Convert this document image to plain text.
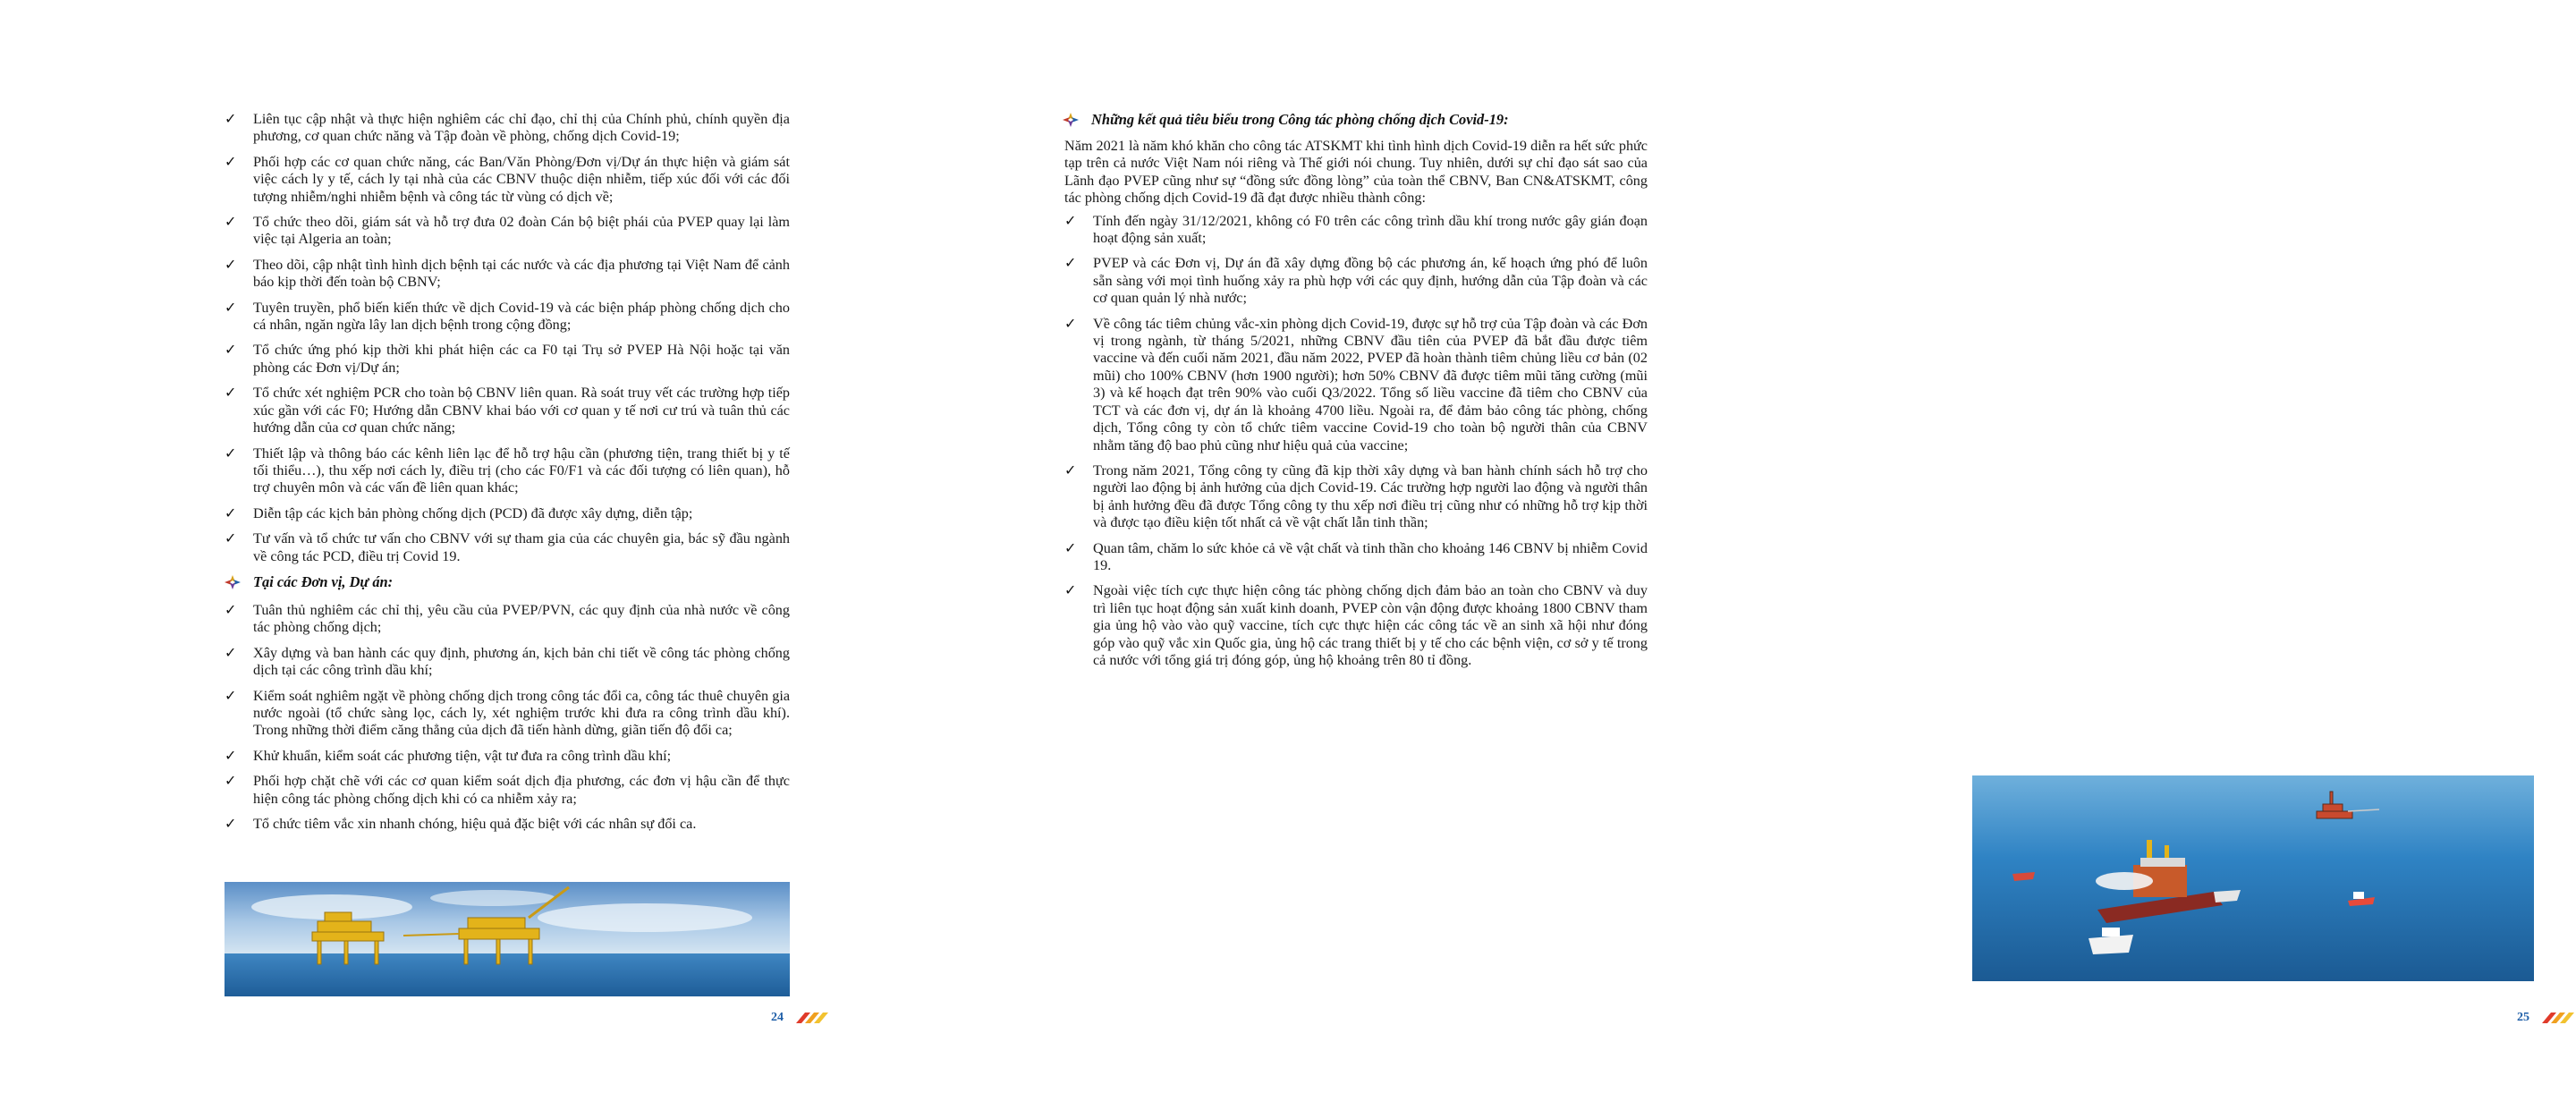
✓ Liên tục cập nhật và thực hiện nghiêm các chỉ đạo, chỉ thị của Chính phủ, chính quyền địa phương, cơ quan chức năng và Tập đoàn về phòng, chống dịch Covid-19;
✓ Phối hợp các cơ quan chức năng, các Ban/Văn Phòng/Đơn vị/Dự án thực hiện và giám sát việc cách ly y tế, cách ly tại nhà của các CBNV thuộc diện nhiễm, tiếp xúc đối với các đối tượng nhiễm/nghi nhiễm bệnh và công tác từ vùng có dịch về;
✓ Tổ chức theo dõi, giám sát và hỗ trợ đưa 02 đoàn Cán bộ biệt phái của PVEP quay lại làm việc tại Algeria an toàn;
✓ Theo dõi, cập nhật tình hình dịch bệnh tại các nước và các địa phương tại Việt Nam để cảnh báo kịp thời đến toàn bộ CBNV;
✓ Tuyên truyền, phổ biến kiến thức về dịch Covid-19 và các biện pháp phòng chống dịch cho cá nhân, ngăn ngừa lây lan dịch bệnh trong cộng đồng;
✓ Tổ chức ứng phó kịp thời khi phát hiện các ca F0 tại Trụ sở PVEP Hà Nội hoặc tại văn phòng các Đơn vị/Dự án;
✓ Tổ chức xét nghiệm PCR cho toàn bộ CBNV liên quan. Rà soát truy vết các trường hợp tiếp xúc gần với các F0; Hướng dẫn CBNV khai báo với cơ quan y tế nơi cư trú và tuân thủ các hướng dẫn của cơ quan chức năng;
✓ Thiết lập và thông báo các kênh liên lạc để hỗ trợ hậu cần (phương tiện, trang thiết bị y tế tối thiểu…), thu xếp nơi cách ly, điều trị (cho các F0/F1 và các đối tượng có liên quan), hỗ trợ chuyên môn và các vấn đề liên quan khác;
✓ Diễn tập các kịch bản phòng chống dịch (PCD) đã được xây dựng, diễn tập;
✓ Tư vấn và tổ chức tư vấn cho CBNV với sự tham gia của các chuyên gia, bác sỹ đầu ngành về công tác PCD, điều trị Covid 19.
Tại các Đơn vị, Dự án:
✓ Tuân thủ nghiêm các chỉ thị, yêu cầu của PVEP/PVN, các quy định của nhà nước về công tác phòng chống dịch;
✓ Xây dựng và ban hành các quy định, phương án, kịch bản chi tiết về công tác phòng chống dịch tại các công trình dầu khí;
✓ Kiểm soát nghiêm ngặt về phòng chống dịch trong công tác đổi ca, công tác thuê chuyên gia nước ngoài (tổ chức sàng lọc, cách ly, xét nghiệm trước khi đưa ra công trình dầu khí). Trong những thời điểm căng thẳng của dịch đã tiến hành dừng, giãn tiến độ đổi ca;
✓ Khử khuẩn, kiểm soát các phương tiện, vật tư đưa ra công trình dầu khí;
✓ Phối hợp chặt chẽ với các cơ quan kiểm soát dịch địa phương, các đơn vị hậu cần để thực hiện công tác phòng chống dịch khi có ca nhiễm xảy ra;
✓ Tổ chức tiêm vắc xin nhanh chóng, hiệu quả đặc biệt với các nhân sự đổi ca.
24
Những kết quả tiêu biểu trong Công tác phòng chống dịch Covid-19:

Năm 2021 là năm khó khăn cho công tác ATSKMT khi tình hình dịch Covid-19 diễn ra hết sức phức tạp trên cả nước Việt Nam nói riêng và Thế giới nói chung. Tuy nhiên, dưới sự chỉ đạo sát sao của Lãnh đạo PVEP cũng như sự “đồng sức đồng lòng” của toàn thể CBNV, Ban CN&ATSKMT, công tác phòng chống dịch Covid-19 đã đạt được nhiều thành công:

✓ Tính đến ngày 31/12/2021, không có F0 trên các công trình dầu khí trong nước gây gián đoạn hoạt động sản xuất;
✓ PVEP và các Đơn vị, Dự án đã xây dựng đồng bộ các phương án, kế hoạch ứng phó để luôn sẵn sàng với mọi tình huống xảy ra phù hợp với các quy định, hướng dẫn của Tập đoàn và các cơ quan quản lý nhà nước;
✓ Về công tác tiêm chủng vắc-xin phòng dịch Covid-19, được sự hỗ trợ của Tập đoàn và các Đơn vị trong ngành, từ tháng 5/2021, những CBNV đầu tiên của PVEP đã bắt đầu được tiêm vaccine và đến cuối năm 2021, đầu năm 2022, PVEP đã hoàn thành tiêm chủng liều cơ bản (02 mũi) cho 100% CBNV (hơn 1900 người); hơn 50% CBNV đã được tiêm mũi tăng cường (mũi 3) và kế hoạch đạt trên 90% vào cuối Q3/2022. Tổng số liều vaccine đã tiêm cho CBNV của TCT và các đơn vị, dự án là khoảng 4700 liều. Ngoài ra, để đảm bảo công tác phòng, chống dịch, Tổng công ty còn tổ chức tiêm vaccine Covid-19 cho toàn bộ người thân của CBNV nhằm tăng độ bao phủ cũng như hiệu quả của vaccine;
✓ Trong năm 2021, Tổng công ty cũng đã kịp thời xây dựng và ban hành chính sách hỗ trợ cho người lao động bị ảnh hưởng của dịch Covid-19. Các trường hợp người lao động và người thân bị ảnh hưởng đều đã được Tổng công ty thu xếp nơi điều trị cũng như có những hỗ trợ kịp thời và được tạo điều kiện tốt nhất cả về vật chất lẫn tinh thần;
✓ Quan tâm, chăm lo sức khỏe cả về vật chất và tinh thần cho khoảng 146 CBNV bị nhiễm Covid 19.
✓ Ngoài việc tích cực thực hiện công tác phòng chống dịch đảm bảo an toàn cho CBNV và duy trì liên tục hoạt động sản xuất kinh doanh, PVEP còn vận động được khoảng 1800 CBNV tham gia ủng hộ vào vào quỹ vaccine, tích cực thực hiện các công tác về an sinh xã hội như đóng góp vào quỹ vắc xin Quốc gia, ủng hộ các trang thiết bị y tế cho các bệnh viện, cơ sở y tế trong cả nước với tổng giá trị đóng góp, ủng hộ khoảng trên 80 tỉ đồng.
25
